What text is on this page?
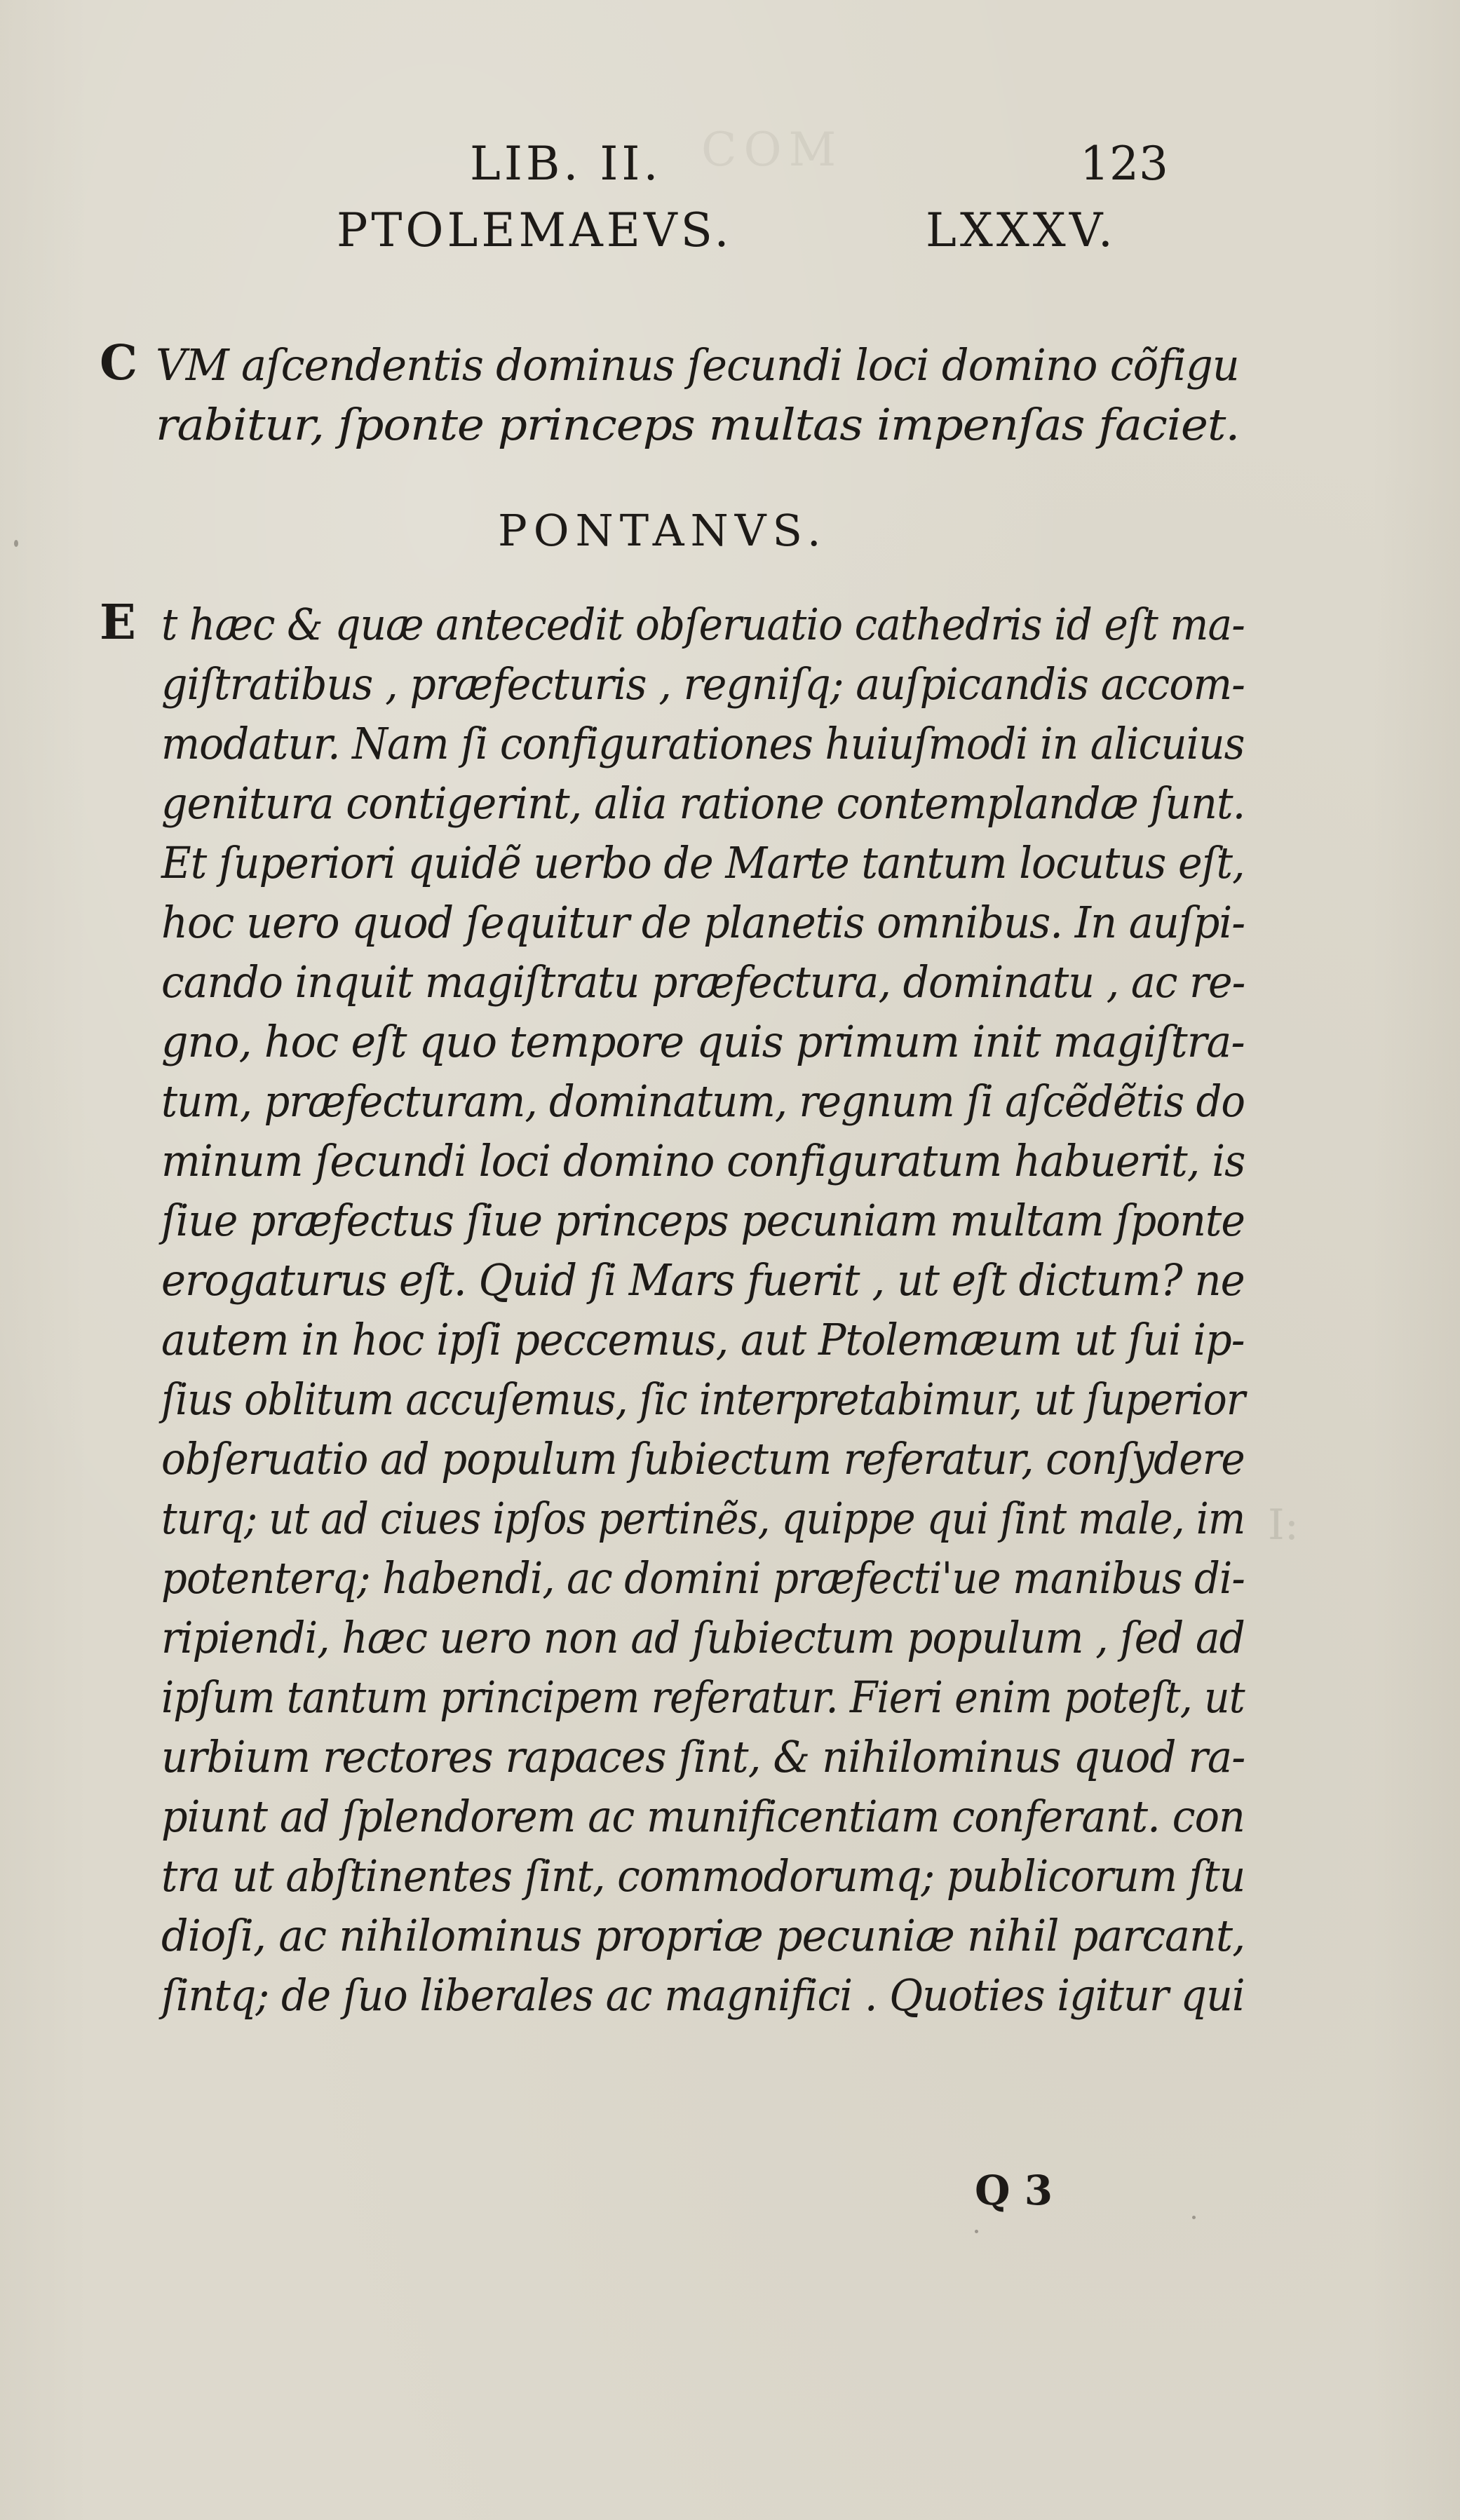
COM
I:
LIB. II.	123
PTOLEMAEVS.	LXXXV.
C VM aſcendentis dominus ſecundi loci domino cõfigu
rabitur, ſponte princeps multas impenſas faciet.
PONTANVS.
E t hæc & quæ antecedit obſeruatio cathedris id eſt ma-
giſtratibus , præfecturis , regniſq; auſpicandis accom-
modatur. Nam ſi configurationes huiuſmodi in alicuius
genitura contigerint, alia ratione contemplandæ ſunt.
Et ſuperiori quidẽ uerbo de Marte tantum locutus eſt,
hoc uero quod ſequitur de planetis omnibus. In auſpi-
cando inquit magiſtratu præfectura, dominatu , ac re-
gno, hoc eſt quo tempore quis primum init magiſtra-
tum, præfecturam, dominatum, regnum ſi aſcẽdẽtis do
minum ſecundi loci domino configuratum habuerit, is
ſiue præfectus ſiue princeps pecuniam multam ſponte
erogaturus eſt. Quid ſi Mars fuerit , ut eſt dictum? ne
autem in hoc ipſi peccemus, aut Ptolemæum ut ſui ip-
ſius oblitum accuſemus, ſic interpretabimur, ut ſuperior
obſeruatio ad populum ſubiectum referatur, conſydere
turq; ut ad ciues ipſos pertinẽs, quippe qui ſint male, im
potenterq; habendi, ac domini præfecti'ue manibus di-
ripiendi, hæc uero non ad ſubiectum populum , ſed ad
ipſum tantum principem referatur. Fieri enim poteſt, ut
urbium rectores rapaces ſint, & nihilominus quod ra-
piunt ad ſplendorem ac munificentiam conferant. con
tra ut abſtinentes ſint, commodorumq; publicorum ſtu
dioſi, ac nihilominus propriæ pecuniæ nihil parcant,
ſintq; de ſuo liberales ac magnifici . Quoties igitur qui
Q 3
